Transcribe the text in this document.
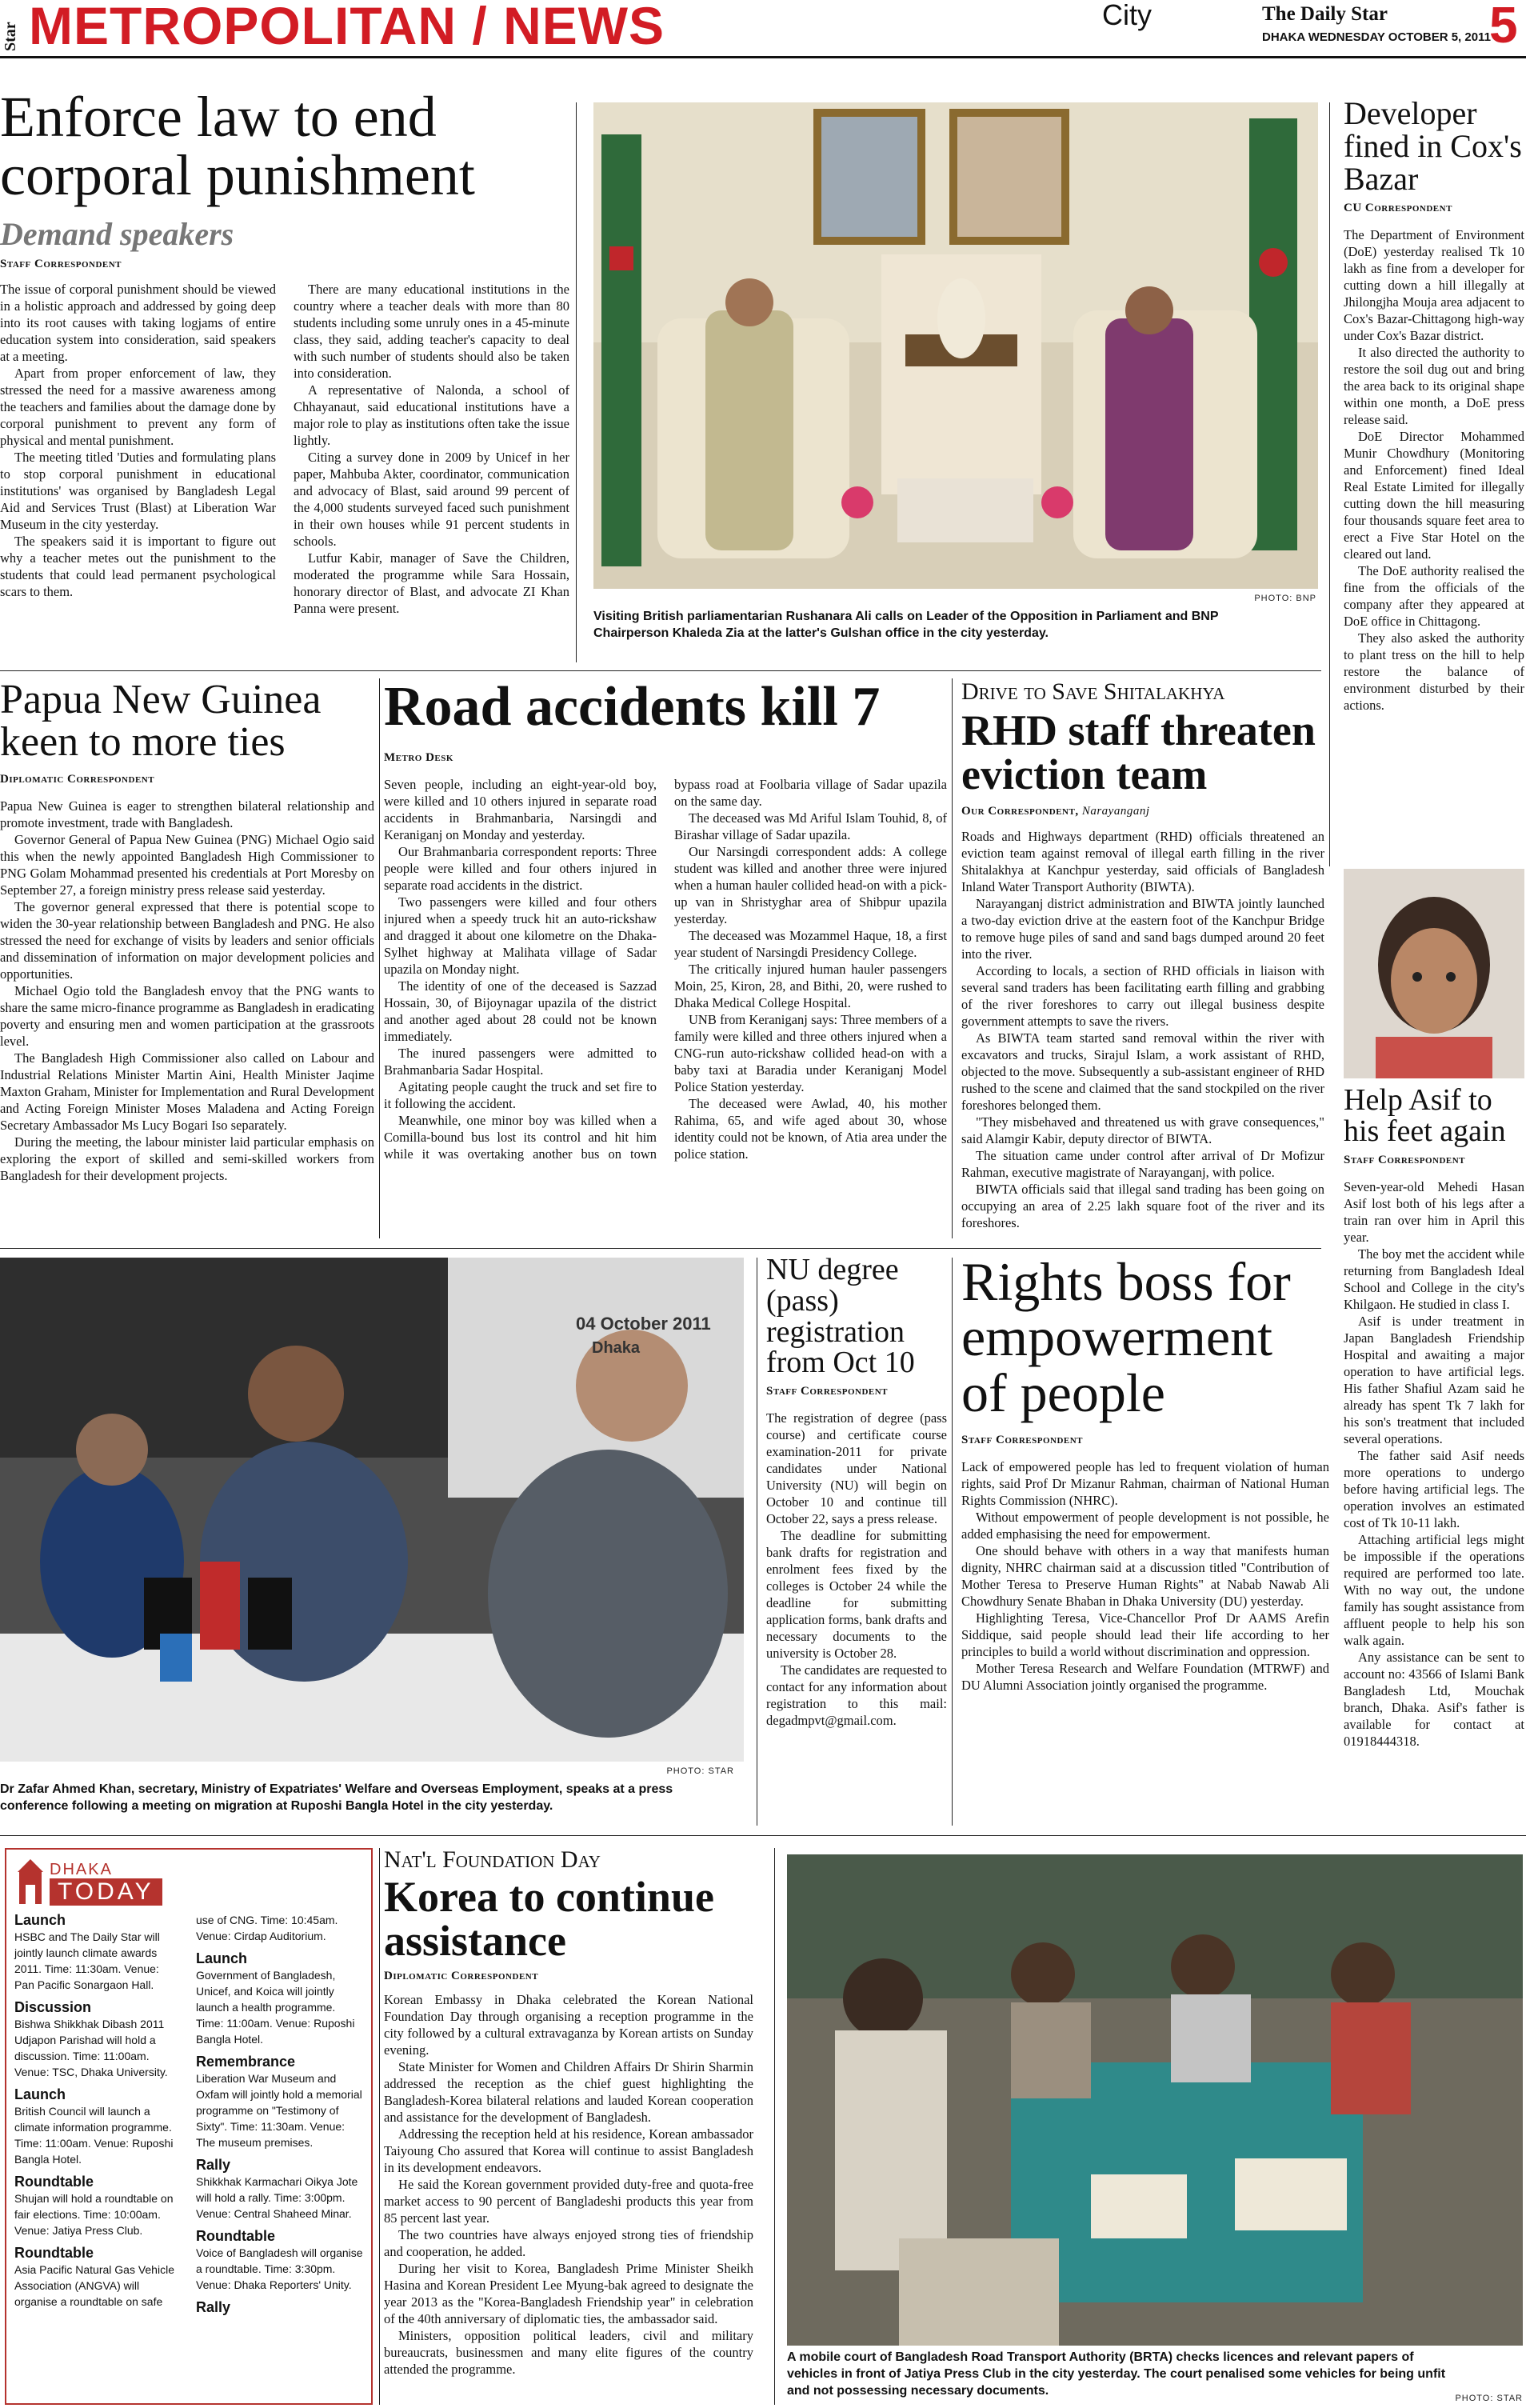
Star METROPOLITAN / NEWS	City	The Daily Star
DHAKA WEDNESDAY OCTOBER 5, 2011
5
Enforce law to end corporal punishment
Demand speakers
Staff Correspondent

The issue of corporal punishment should be viewed in a holistic approach and addressed by going deep into its root causes with taking logjams of entire education system into consideration, said speakers at a meeting.

Apart from proper enforcement of law, they stressed the need for a massive awareness among the teachers and families about the damage done by corporal punishment to prevent any form of physical and mental punishment.

The meeting titled 'Duties and formulating plans to stop corporal punishment in educational institutions' was organised by Bangladesh Legal Aid and Services Trust (Blast) at Liberation War Museum in the city yesterday.

The speakers said it is important to figure out why a teacher metes out the punishment to the students that could lead permanent psychological scars to them.

There are many educational institutions in the country where a teacher deals with more than 80 students including some unruly ones in a 45-minute class, they said, adding teacher's capacity to deal with such number of students should also be taken into consideration.

A representative of Nalonda, a school of Chhayanaut, said educational institutions have a major role to play as institutions often take the issue lightly.

Citing a survey done in 2009 by Unicef in her paper, Mahbuba Akter, coordinator, communication and advocacy of Blast, said around 99 percent of the 4,000 students surveyed faced such punishment in their own houses while 91 percent students in schools.

Lutfur Kabir, manager of Save the Children, moderated the programme while Sara Hossain, honorary director of Blast, and advocate ZI Khan Panna were present.

PHOTO: BNP
Visiting British parliamentarian Rushanara Ali calls on Leader of the Opposition in Parliament and BNP Chairperson Khaleda Zia at the latter's Gulshan office in the city yesterday.
Developer fined in Cox's Bazar
CU Correspondent

The Department of Environment (DoE) yesterday realised Tk 10 lakh as fine from a developer for cutting down a hill illegally at Jhilongjha Mouja area adjacent to Cox's Bazar-Chittagong high-way under Cox's Bazar district.

It also directed the authority to restore the soil dug out and bring the area back to its original shape within one month, a DoE press release said.

DoE Director Mohammed Munir Chowdhury (Monitoring and Enforcement) fined Ideal Real Estate Limited for illegally cutting down the hill measuring four thousands square feet area to erect a Five Star Hotel on the cleared out land.

The DoE authority realised the fine from the officials of the company after they appeared at DoE office in Chittagong.

They also asked the authority to plant tress on the hill to help restore the balance of environment disturbed by their actions.

Papua New Guinea keen to more ties
Diplomatic Correspondent

Papua New Guinea is eager to strengthen bilateral relationship and promote investment, trade with Bangladesh.

Governor General of Papua New Guinea (PNG) Michael Ogio said this when the newly appointed Bangladesh High Commissioner to PNG Golam Mohammad presented his credentials at Port Moresby on September 27, a foreign ministry press release said yesterday.

The governor general expressed that there is potential scope to widen the 30-year relationship between Bangladesh and PNG. He also stressed the need for exchange of visits by leaders and senior officials and dissemination of information on major development policies and opportunities.

Michael Ogio told the Bangladesh envoy that the PNG wants to share the same micro-finance programme as Bangladesh in eradicating poverty and ensuring men and women participation at the grassroots level.

The Bangladesh High Commissioner also called on Labour and Industrial Relations Minister Martin Aini, Health Minister Jaqime Maxton Graham, Minister for Implementation and Rural Development and Acting Foreign Minister Moses Maladena and Acting Foreign Secretary Ambassador Ms Lucy Bogari Iso separately.

During the meeting, the labour minister laid particular emphasis on exploring the export of skilled and semi-skilled workers from Bangladesh for their development projects.

Road accidents kill 7
Metro Desk

Seven people, including an eight-year-old boy, were killed and 10 others injured in separate road accidents in Brahmanbaria, Narsingdi and Keraniganj on Monday and yesterday.

Our Brahmanbaria correspondent reports: Three people were killed and four others injured in separate road accidents in the district.

Two passengers were killed and four others injured when a speedy truck hit an auto-rickshaw and dragged it about one kilometre on the Dhaka-Sylhet highway at Malihata village of Sadar upazila on Monday night.

The identity of one of the deceased is Sazzad Hossain, 30, of Bijoynagar upazila of the district and another aged about 28 could not be known immediately.

The inured passengers were admitted to Brahmanbaria Sadar Hospital.

Agitating people caught the truck and set fire to it following the accident.

Meanwhile, one minor boy was killed when a Comilla-bound bus lost its control and hit him while it was overtaking another bus on town bypass road at Foolbaria village of Sadar upazila on the same day.

The deceased was Md Ariful Islam Touhid, 8, of Birashar village of Sadar upazila.

Our Narsingdi correspondent adds: A college student was killed and another three were injured when a human hauler collided head-on with a pick-up van in Shristyghar area of Shibpur upazila yesterday.

The deceased was Mozammel Haque, 18, a first year student of Narsingdi Presidency College.

The critically injured human hauler passengers Moin, 25, Kiron, 28, and Bithi, 20, were rushed to Dhaka Medical College Hospital.

UNB from Keraniganj says: Three members of a family were killed and three others injured when a CNG-run auto-rickshaw collided head-on with a baby taxi at Baradia under Keraniganj Model Police Station yesterday.

The deceased were Awlad, 40, his mother Rahima, 65, and wife aged about 30, whose identity could not be known, of Atia area under the police station.

Drive to Save Shitalakhya
RHD staff threaten eviction team
Our Correspondent, Narayanganj

Roads and Highways department (RHD) officials threatened an eviction team against removal of illegal earth filling in the river Shitalakhya at Kanchpur yesterday, said officials of Bangladesh Inland Water Transport Authority (BIWTA).

Narayanganj district administration and BIWTA jointly launched a two-day eviction drive at the eastern foot of the Kanchpur Bridge to remove huge piles of sand and sand bags dumped around 20 feet into the river.

According to locals, a section of RHD officials in liaison with several sand traders has been facilitating earth filling and grabbing of the river foreshores to carry out illegal business despite government attempts to save the rivers.

As BIWTA team started sand removal within the river with excavators and trucks, Sirajul Islam, a work assistant of RHD, objected to the move. Subsequently a sub-assistant engineer of RHD rushed to the scene and claimed that the sand stockpiled on the river foreshores belonged them.

"They misbehaved and threatened us with grave consequences," said Alamgir Kabir, deputy director of BIWTA.

The situation came under control after arrival of Dr Mofizur Rahman, executive magistrate of Narayanganj, with police.

BIWTA officials said that illegal sand trading has been going on occupying an area of 2.25 lakh square foot of the river and its foreshores.

Help Asif to his feet again
Staff Correspondent

Seven-year-old Mehedi Hasan Asif lost both of his legs after a train ran over him in April this year.

The boy met the accident while returning from Bangladesh Ideal School and College in the city's Khilgaon. He studied in class I.

Asif is under treatment in Japan Bangladesh Friendship Hospital and awaiting a major operation to have artificial legs. His father Shafiul Azam said he already has spent Tk 7 lakh for his son's treatment that included several operations.

The father said Asif needs more operations to undergo before having artificial legs. The operation involves an estimated cost of Tk 10-11 lakh.

Attaching artificial legs might be impossible if the operations required are performed too late. With no way out, the undone family has sought assistance from affluent people to help his son walk again.

Any assistance can be sent to account no: 43566 of Islami Bank Bangladesh Ltd, Mouchak branch, Dhaka. Asif's father is available for contact at 01918444318.

04 October 2011
Dhaka
PHOTO: STAR
Dr Zafar Ahmed Khan, secretary, Ministry of Expatriates' Welfare and Overseas Employment, speaks at a press conference following a meeting on migration at Ruposhi Bangla Hotel in the city yesterday.
NU degree (pass) registration from Oct 10
Staff Correspondent

The registration of degree (pass course) and certificate course examination-2011 for private candidates under National University (NU) will begin on October 10 and continue till October 22, says a press release.

The deadline for submitting bank drafts for registration and enrolment fees fixed by the colleges is October 24 while the deadline for submitting application forms, bank drafts and necessary documents to the university is October 28.

The candidates are requested to contact for any information about registration to this mail: degadmpvt@gmail.com.

Rights boss for empowerment of people
Staff Correspondent

Lack of empowered people has led to frequent violation of human rights, said Prof Dr Mizanur Rahman, chairman of National Human Rights Commission (NHRC).

Without empowerment of people development is not possible, he added emphasising the need for empowerment.

One should behave with others in a way that manifests human dignity, NHRC chairman said at a discussion titled "Contribution of Mother Teresa to Preserve Human Rights" at Nabab Nawab Ali Chowdhury Senate Bhaban in Dhaka University (DU) yesterday.

Highlighting Teresa, Vice-Chancellor Prof Dr AAMS Arefin Siddique, said people should lead their life according to her principles to build a world without discrimination and oppression.

Mother Teresa Research and Welfare Foundation (MTRWF) and DU Alumni Association jointly organised the programme.

DHAKA
TODAY
Launch
HSBC and The Daily Star will jointly launch climate awards 2011. Time: 11:30am. Venue: Pan Pacific Sonargaon Hall.
Discussion
Bishwa Shikkhak Dibash 2011 Udjapon Parishad will hold a discussion. Time: 11:00am. Venue: TSC, Dhaka University.
Launch
British Council will launch a climate information programme. Time: 11:00am. Venue: Ruposhi Bangla Hotel.
Roundtable
Shujan will hold a roundtable on fair elections. Time: 10:00am. Venue: Jatiya Press Club.
Roundtable
Asia Pacific Natural Gas Vehicle Association (ANGVA) will organise a roundtable on safe use of CNG. Time: 10:45am. Venue: Cirdap Auditorium.
Launch
Government of Bangladesh, Unicef, and Koica will jointly launch a health programme. Time: 11:00am. Venue: Ruposhi Bangla Hotel.
Remembrance
Liberation War Museum and Oxfam will jointly hold a memorial programme on "Testimony of Sixty". Time: 11:30am. Venue: The museum premises.
Rally
Shikkhak Karmachari Oikya Jote will hold a rally. Time: 3:00pm. Venue: Central Shaheed Minar.
Roundtable
Voice of Bangladesh will organise a roundtable. Time: 3:30pm. Venue: Dhaka Reporters' Unity.
Rally
Nat'l Foundation Day
Korea to continue assistance
Diplomatic Correspondent

Korean Embassy in Dhaka celebrated the Korean National Foundation Day through organising a reception programme in the city followed by a cultural extravaganza by Korean artists on Sunday evening.

State Minister for Women and Children Affairs Dr Shirin Sharmin addressed the reception as the chief guest highlighting the Bangladesh-Korea bilateral relations and lauded Korean cooperation and assistance for the development of Bangladesh.

Addressing the reception held at his residence, Korean ambassador Taiyoung Cho assured that Korea will continue to assist Bangladesh in its development endeavors.

He said the Korean government provided duty-free and quota-free market access to 90 percent of Bangladeshi products this year from 85 percent last year.

The two countries have always enjoyed strong ties of friendship and cooperation, he added.

During her visit to Korea, Bangladesh Prime Minister Sheikh Hasina and Korean President Lee Myung-bak agreed to designate the year 2013 as the "Korea-Bangladesh Friendship year" in celebration of the 40th anniversary of diplomatic ties, the ambassador said.

Ministers, opposition political leaders, civil and military bureaucrats, businessmen and many elite figures of the country attended the programme.

A mobile court of Bangladesh Road Transport Authority (BRTA) checks licences and relevant papers of vehicles in front of Jatiya Press Club in the city yesterday. The court penalised some vehicles for being unfit and not possessing necessary documents.
PHOTO: STAR
